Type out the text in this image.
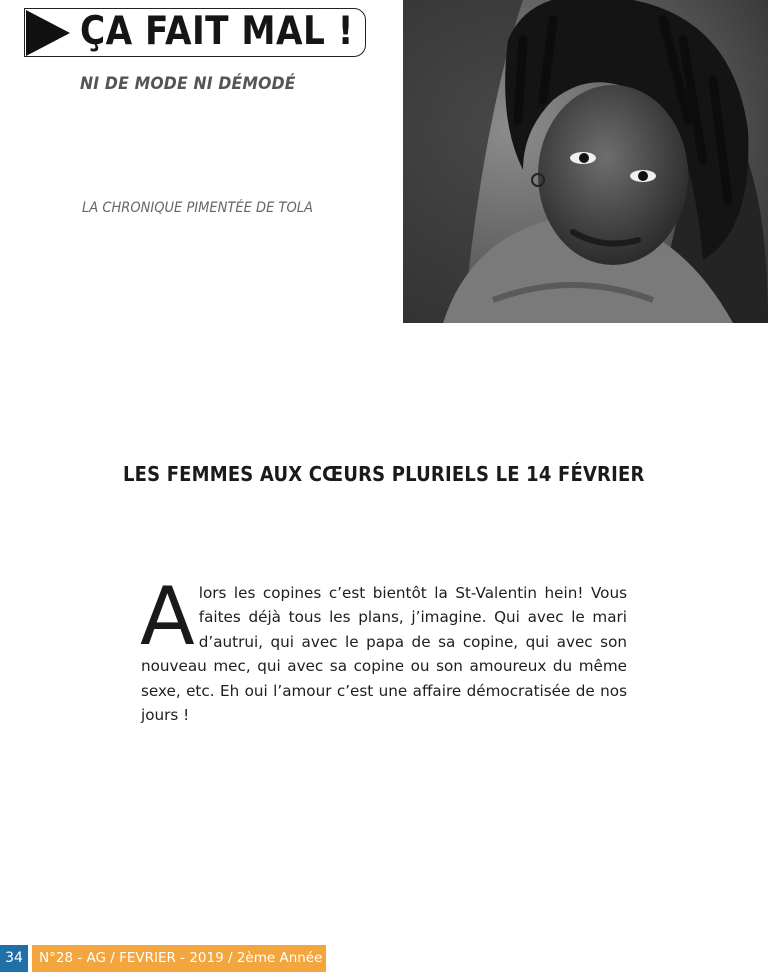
ÇA FAIT MAL !
NI DE MODE NI DÉMODÉ
LA CHRONIQUE PIMENTÉE DE TOLA
LES FEMMES AUX CŒURS PLURIELS LE 14 FÉVRIER
Alors les copines c’est bientôt la St-Valentin hein! Vous faites déjà tous les plans, j’imagine. Qui avec le mari d’autrui, qui avec le papa de sa copine, qui avec son nouveau mec, qui avec sa copine ou son amoureux du même sexe, etc. Eh oui l’amour c’est une affaire démocratisée de nos jours !
34	N°28 - AG / FEVRIER - 2019 / 2ème Année
